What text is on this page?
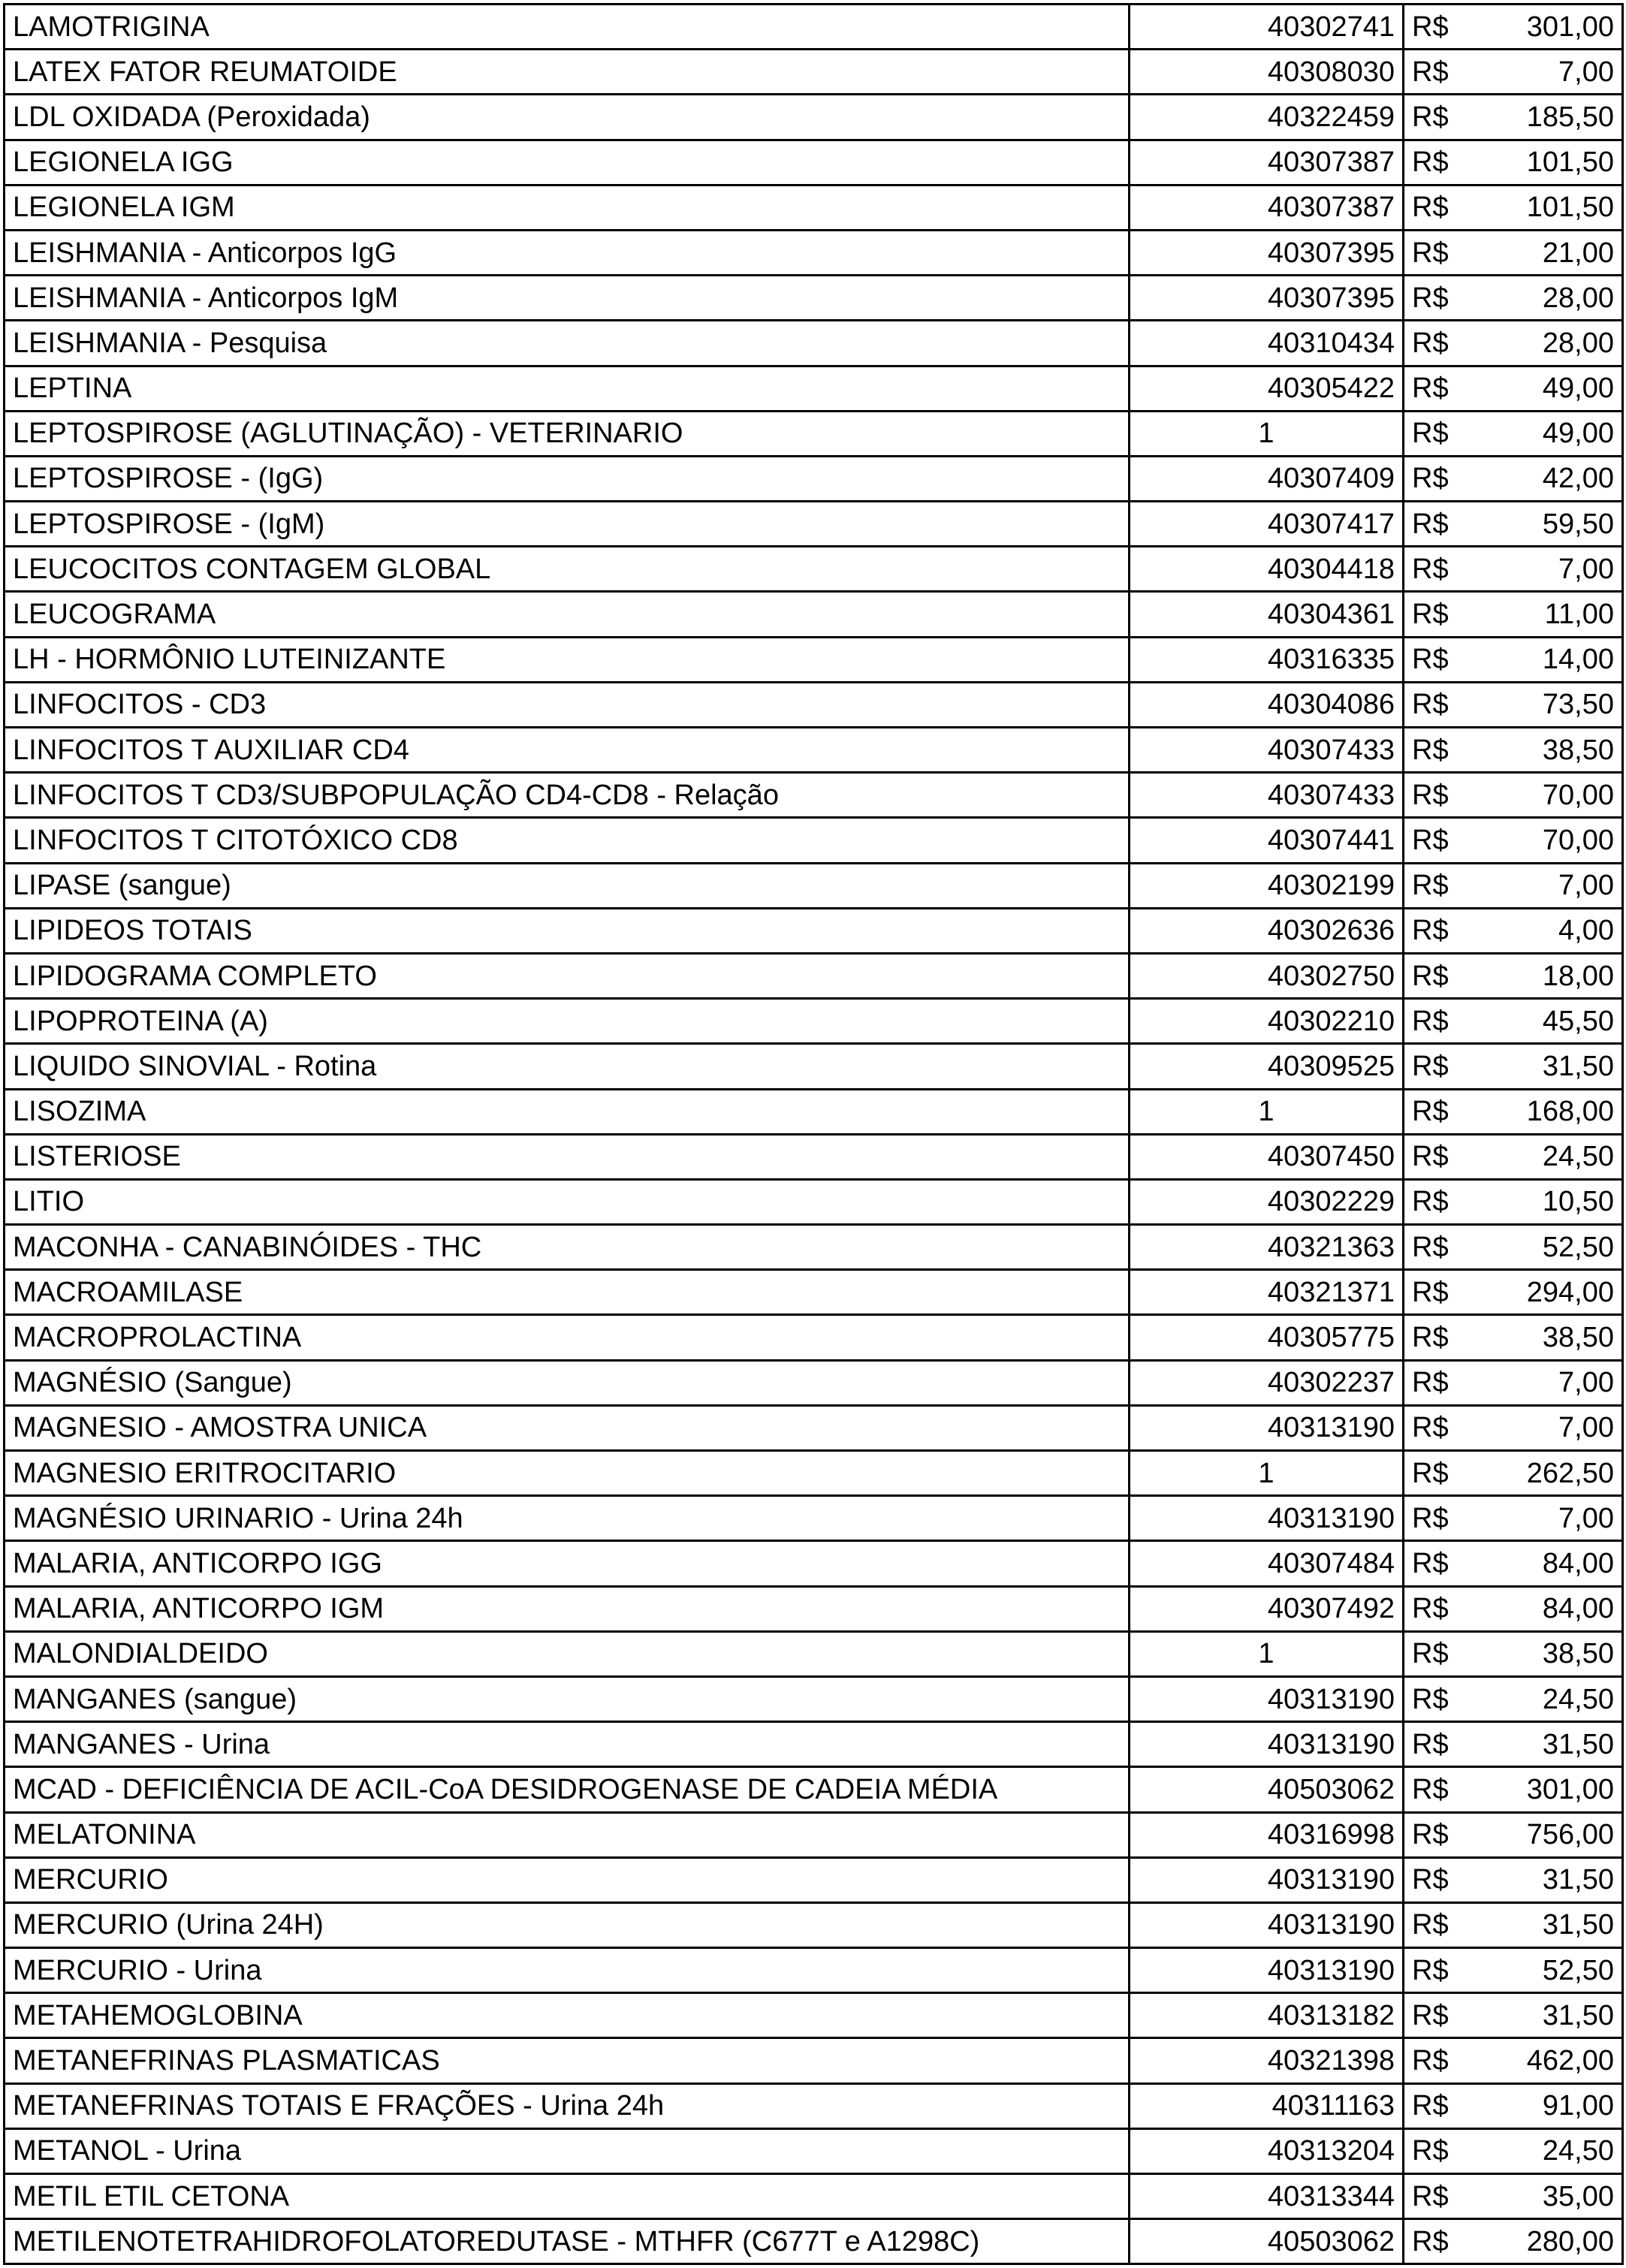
LAMOTRIGINA	40302741	R$	301,00
LATEX FATOR REUMATOIDE	40308030	R$	7,00
LDL OXIDADA (Peroxidada)	40322459	R$	185,50
LEGIONELA IGG	40307387	R$	101,50
LEGIONELA IGM	40307387	R$	101,50
LEISHMANIA - Anticorpos IgG	40307395	R$	21,00
LEISHMANIA - Anticorpos IgM	40307395	R$	28,00
LEISHMANIA - Pesquisa	40310434	R$	28,00
LEPTINA	40305422	R$	49,00
LEPTOSPIROSE (AGLUTINAÇÃO) - VETERINARIO	1	R$	49,00
LEPTOSPIROSE - (IgG)	40307409	R$	42,00
LEPTOSPIROSE - (IgM)	40307417	R$	59,50
LEUCOCITOS CONTAGEM GLOBAL	40304418	R$	7,00
LEUCOGRAMA	40304361	R$	11,00
LH - HORMÔNIO LUTEINIZANTE	40316335	R$	14,00
LINFOCITOS - CD3	40304086	R$	73,50
LINFOCITOS T AUXILIAR CD4	40307433	R$	38,50
LINFOCITOS T CD3/SUBPOPULAÇÃO CD4-CD8 - Relação	40307433	R$	70,00
LINFOCITOS T CITOTÓXICO CD8	40307441	R$	70,00
LIPASE (sangue)	40302199	R$	7,00
LIPIDEOS TOTAIS	40302636	R$	4,00
LIPIDOGRAMA COMPLETO	40302750	R$	18,00
LIPOPROTEINA (A)	40302210	R$	45,50
LIQUIDO SINOVIAL - Rotina	40309525	R$	31,50
LISOZIMA	1	R$	168,00
LISTERIOSE	40307450	R$	24,50
LITIO	40302229	R$	10,50
MACONHA - CANABINÓIDES - THC	40321363	R$	52,50
MACROAMILASE	40321371	R$	294,00
MACROPROLACTINA	40305775	R$	38,50
MAGNÉSIO (Sangue)	40302237	R$	7,00
MAGNESIO - AMOSTRA UNICA	40313190	R$	7,00
MAGNESIO ERITROCITARIO	1	R$	262,50
MAGNÉSIO URINARIO - Urina 24h	40313190	R$	7,00
MALARIA, ANTICORPO IGG	40307484	R$	84,00
MALARIA, ANTICORPO IGM	40307492	R$	84,00
MALONDIALDEIDO	1	R$	38,50
MANGANES (sangue)	40313190	R$	24,50
MANGANES - Urina	40313190	R$	31,50
MCAD - DEFICIÊNCIA DE ACIL-CoA DESIDROGENASE DE CADEIA MÉDIA	40503062	R$	301,00
MELATONINA	40316998	R$	756,00
MERCURIO	40313190	R$	31,50
MERCURIO (Urina 24H)	40313190	R$	31,50
MERCURIO - Urina	40313190	R$	52,50
METAHEMOGLOBINA	40313182	R$	31,50
METANEFRINAS PLASMATICAS	40321398	R$	462,00
METANEFRINAS TOTAIS E FRAÇÕES - Urina 24h	40311163	R$	91,00
METANOL - Urina	40313204	R$	24,50
METIL ETIL CETONA	40313344	R$	35,00
METILENOTETRAHIDROFOLATOREDUTASE - MTHFR (C677T e A1298C)	40503062	R$	280,00
